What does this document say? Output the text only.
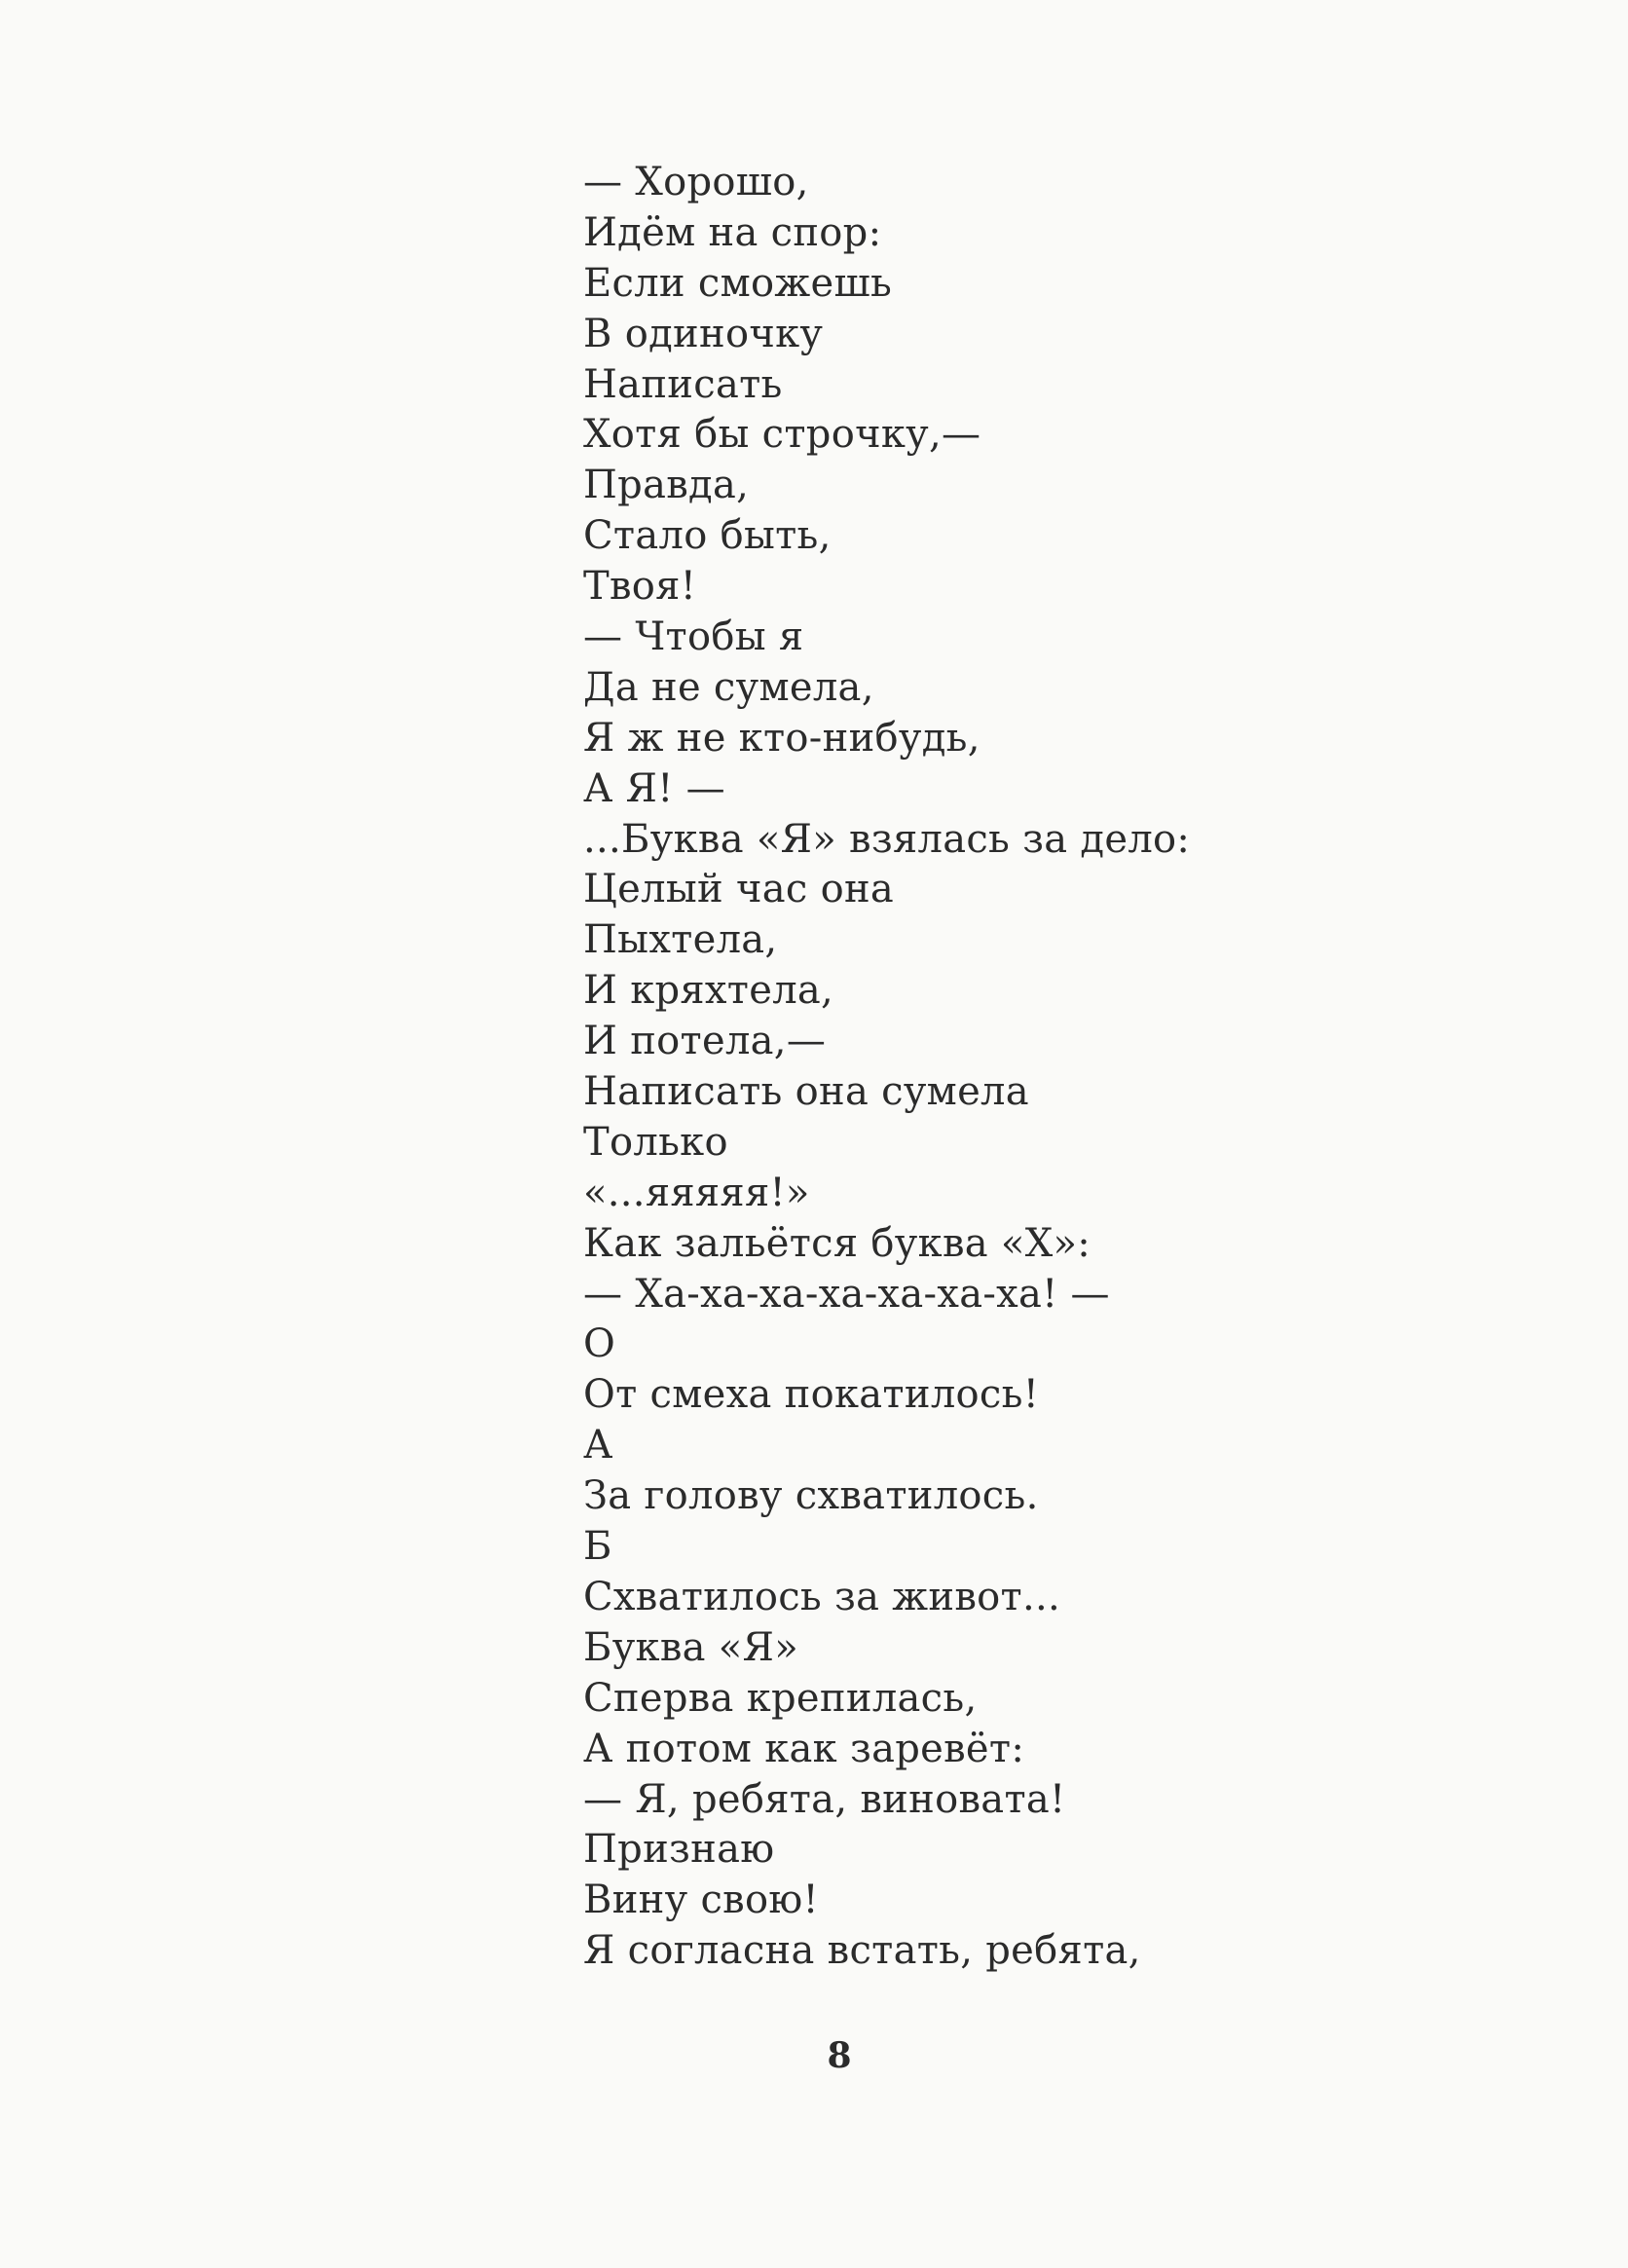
— Хорошо,
Идём на спор:
Если сможешь
В одиночку
Написать
Хотя бы строчку,—
Правда,
Стало быть,
Твоя!
— Чтобы я
Да не сумела,
Я ж не кто-нибудь,
А Я! —
...Буква «Я» взялась за дело:
Целый час она
Пыхтела,
И кряхтела,
И потела,—
Написать она сумела
Только
«...яяяяя!»
Как зальётся буква «Х»:
— Ха-ха-ха-ха-ха-ха-ха! —
О
От смеха покатилось!
А
За голову схватилось.
Б
Схватилось за живот...
Буква «Я»
Сперва крепилась,
А потом как заревёт:
— Я, ребята, виновата!
Признаю
Вину свою!
Я согласна встать, ребята,
8
